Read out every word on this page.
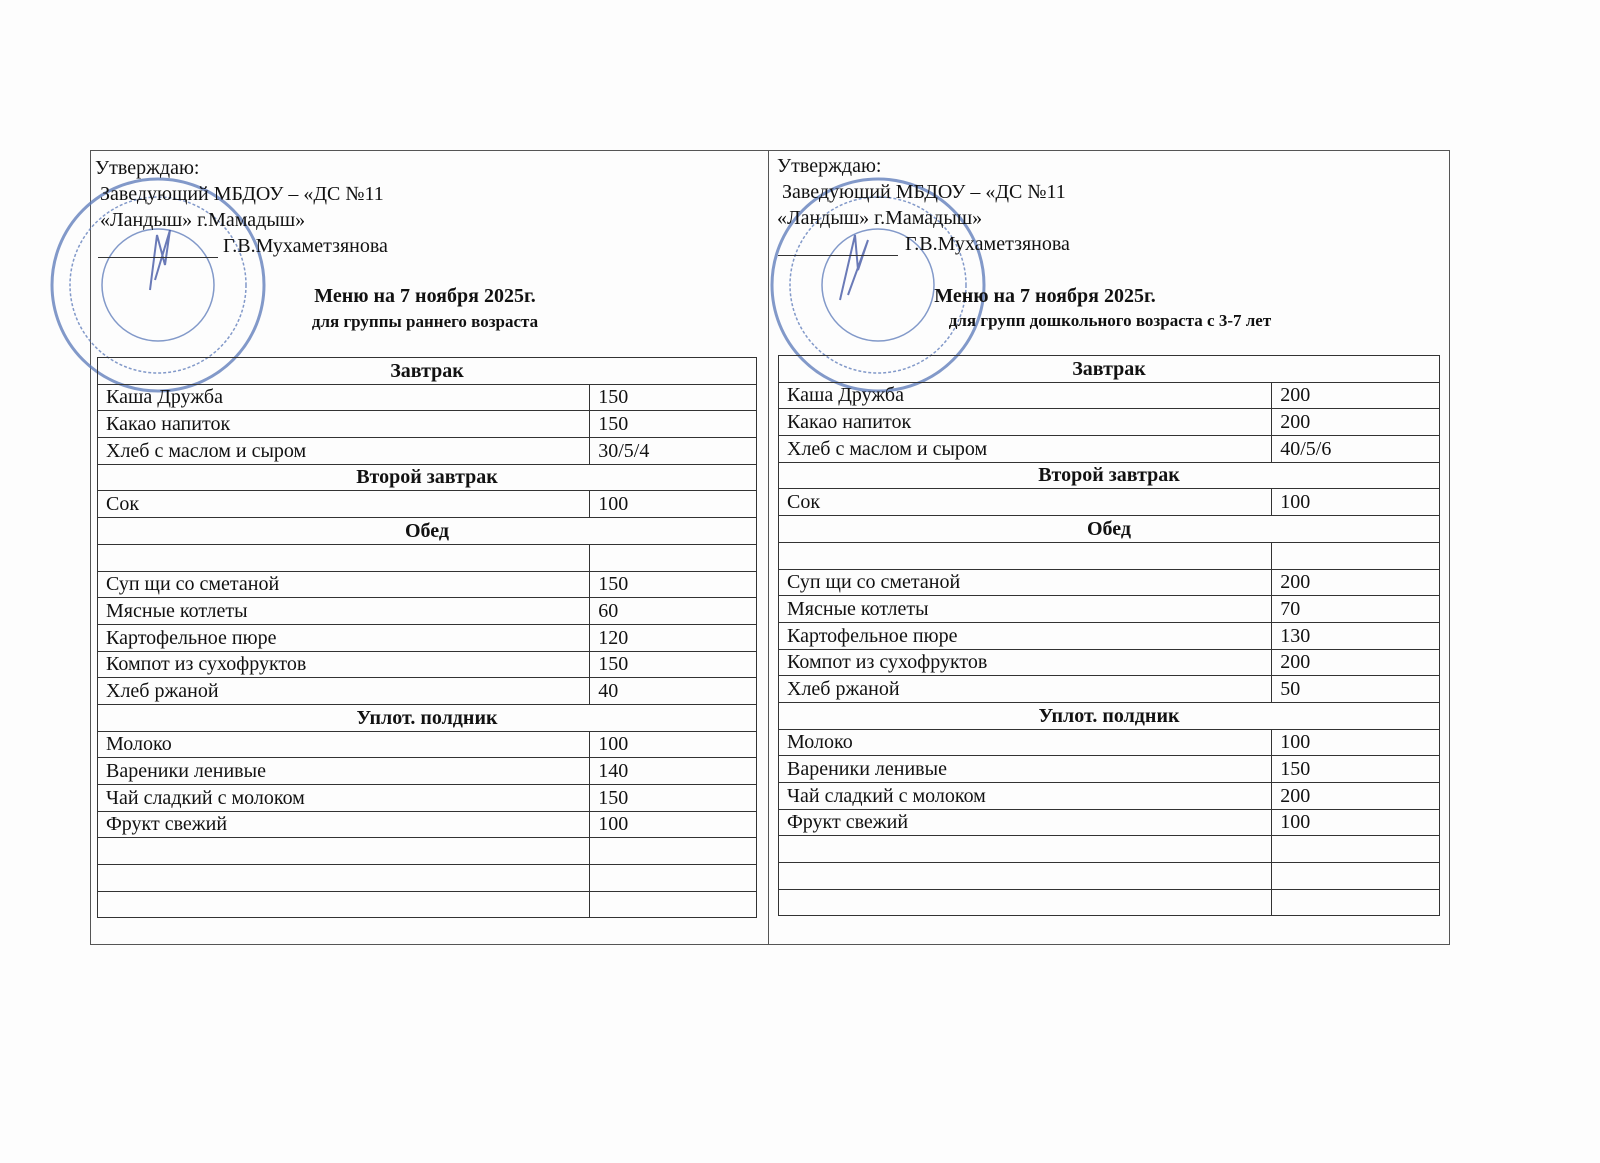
Утверждаю:
Заведующий МБДОУ – «ДС №11
«Ландыш» г.Мамадыш»
Г.В.Мухаметзянова
Меню на 7 ноября 2025г.
для группы раннего возраста
Завтрак	
Каша Дружба	150
Какао напиток	150
Хлеб с маслом и сыром	30/5/4
Второй завтрак	
Сок	100
Обед	

Суп щи со сметаной	150
Мясные котлеты	60
Картофельное пюре	120
Компот из сухофруктов	150
Хлеб ржаной	40
Уплот. полдник	
Молоко	100
Вареники ленивые	140
Чай сладкий с молоком	150
Фрукт свежий	100

Утверждаю:
Заведующий МБДОУ – «ДС №11
«Ландыш» г.Мамадыш»
Г.В.Мухаметзянова
Меню на 7 ноября 2025г.
для групп дошкольного возраста с 3-7 лет
Завтрак	
Каша Дружба	200
Какао напиток	200
Хлеб с маслом и сыром	40/5/6
Второй завтрак	
Сок	100
Обед	

Суп щи со сметаной	200
Мясные котлеты	70
Картофельное пюре	130
Компот из сухофруктов	200
Хлеб ржаной	50
Уплот. полдник	
Молоко	100
Вареники ленивые	150
Чай сладкий с молоком	200
Фрукт свежий	100
